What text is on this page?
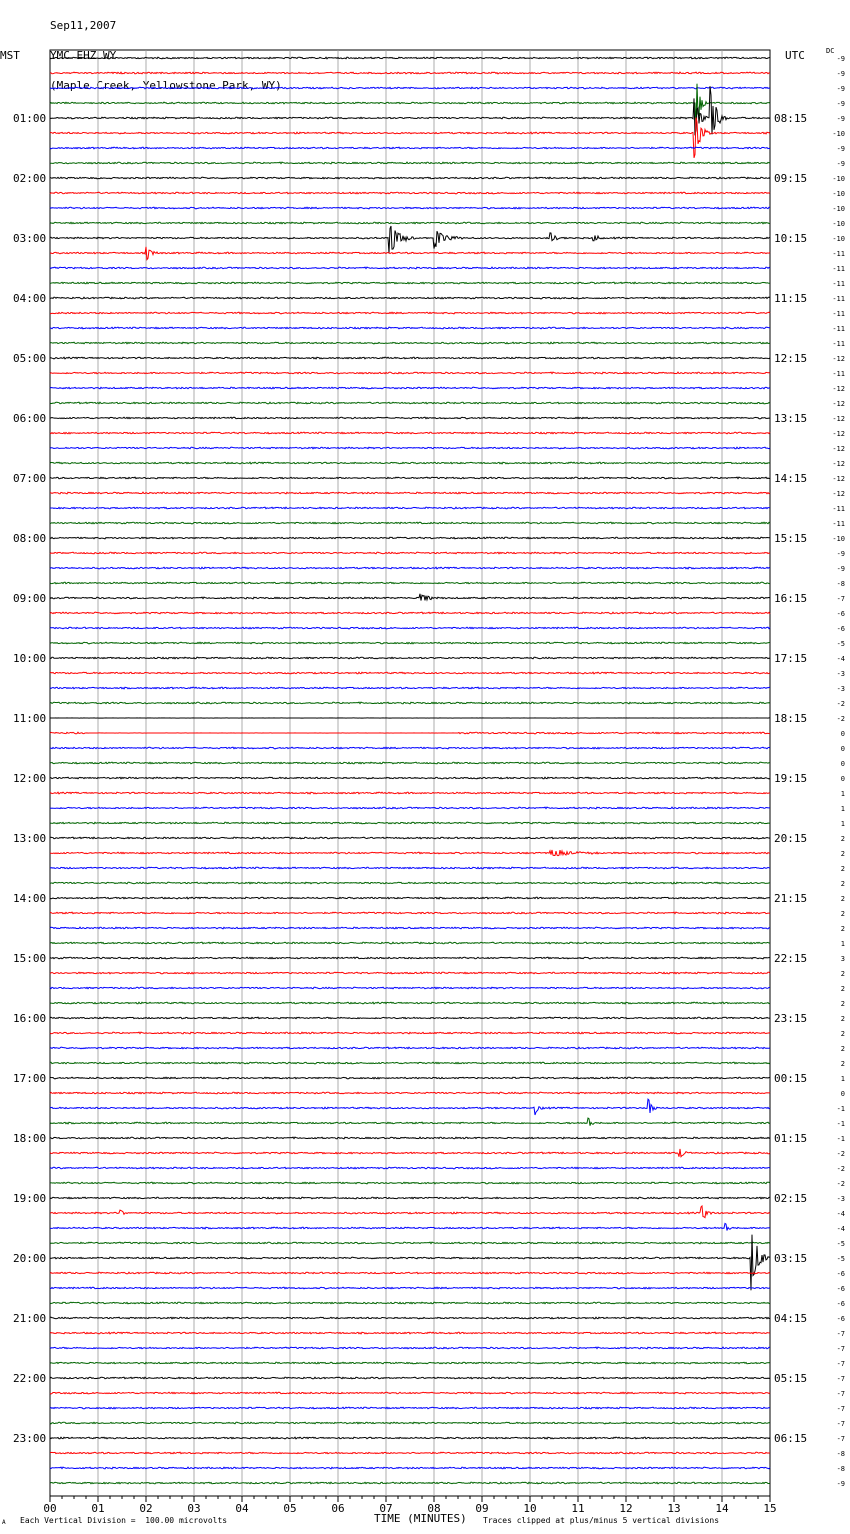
Sep11,2007

YMC EHZ WY

(Maple Creek, Yellowstone Park, WY)

MST	UTC	DC
-9
-9
-9
-9
-9
-10
-9
-9
-10
-10
-10
-10
-10
-11
-11
-11
-11
-11
-11
-11
-12
-11
-12
-12
-12
-12
-12
-12
-12
-12
-11
-11
-10
-9
-9
-8
-7
-6
-6
-5
-4
-3
-3
-2
-2
0
0
0
0
1
1
1
2
2
2
2
2
2
2
1
3
2
2
2
2
2
2
2
1
0
-1
-1
-1
-2
-2
-2
-3
-4
-4
-5
-5
-6
-6
-6
-6
-7
-7
-7
-7
-7
-7
-7
-7
-8
-8
-9
01:00
02:00
03:00
04:00
05:00
06:00
07:00
08:00
09:00
10:00
11:00
12:00
13:00
14:00
15:00
16:00
17:00
18:00
19:00
20:00
21:00
22:00
23:00
08:15
09:15
10:15
11:15
12:15
13:15
14:15
15:15
16:15
17:15
18:15
19:15
20:15
21:15
22:15
23:15
00:15
01:15
02:15
03:15
04:15
05:15
06:15
00	01	02	03	04	05	06	07	08	09	10	11	12	13	14	15
A Each Vertical Division =  100.00 microvolts	TIME (MINUTES) Traces clipped at plus/minus 5 vertical divisions
